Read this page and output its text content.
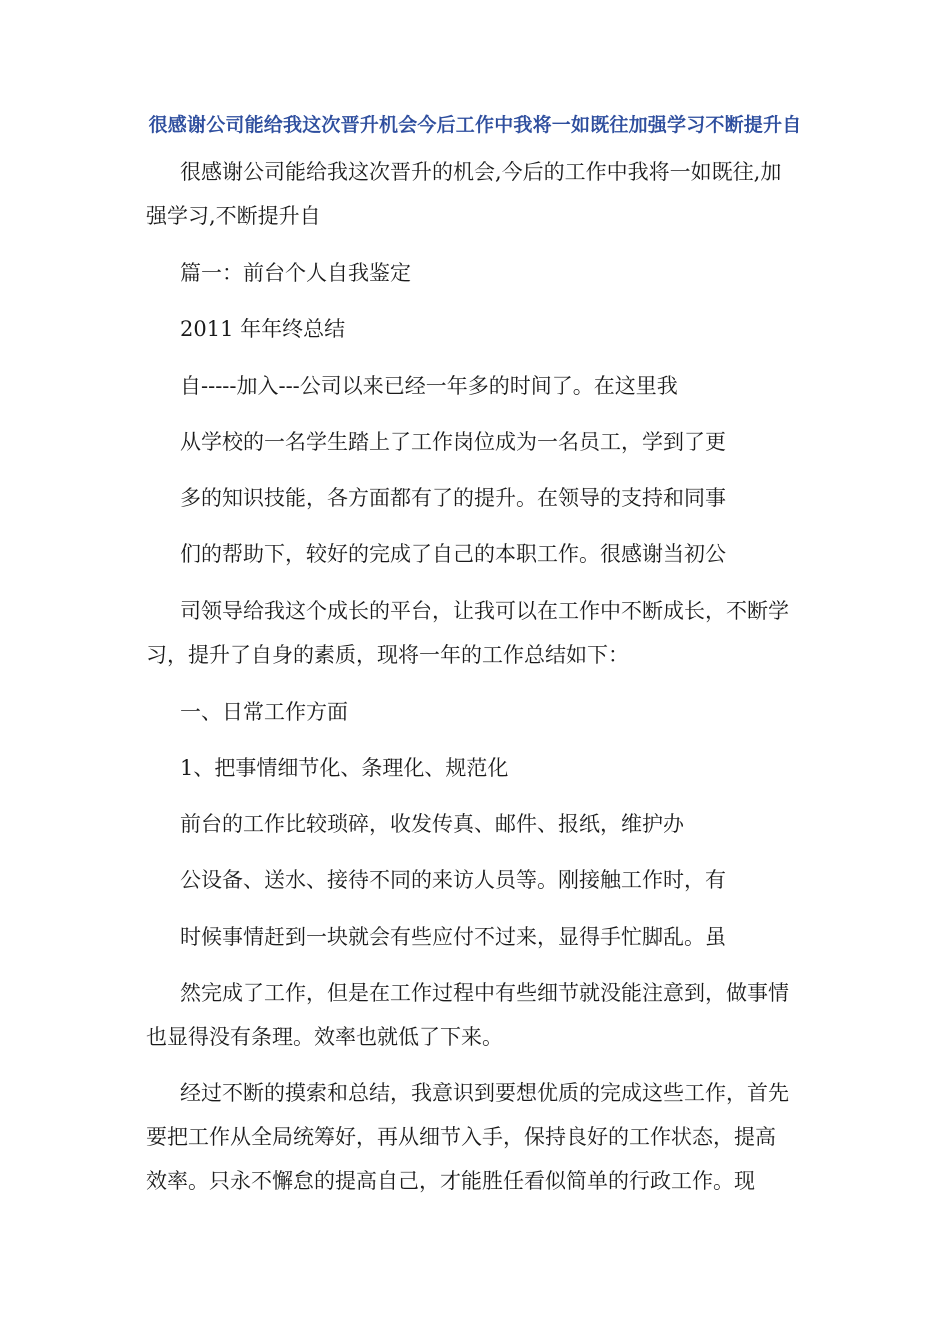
很感谢公司能给我这次晋升机会今后工作中我将一如既往加强学习不断提升自
很感谢公司能给我这次晋升的机会,今后的工作中我将一如既往,加
强学习,不断提升自
篇一：前台个人自我鉴定
2011 年年终总结
自-----加入---公司以来已经一年多的时间了。在这里我
从学校的一名学生踏上了工作岗位成为一名员工，学到了更
多的知识技能，各方面都有了的提升。在领导的支持和同事
们的帮助下，较好的完成了自己的本职工作。很感谢当初公
司领导给我这个成长的平台，让我可以在工作中不断成长，不断学
习，提升了自身的素质，现将一年的工作总结如下：
一、日常工作方面
1、把事情细节化、条理化、规范化
前台的工作比较琐碎，收发传真、邮件、报纸，维护办
公设备、送水、接待不同的来访人员等。刚接触工作时，有
时候事情赶到一块就会有些应付不过来，显得手忙脚乱。虽
然完成了工作，但是在工作过程中有些细节就没能注意到，做事情
也显得没有条理。效率也就低了下来。
经过不断的摸索和总结，我意识到要想优质的完成这些工作，首先
要把工作从全局统筹好，再从细节入手，保持良好的工作状态，提高
效率。只永不懈怠的提高自己，才能胜任看似简单的行政工作。现
